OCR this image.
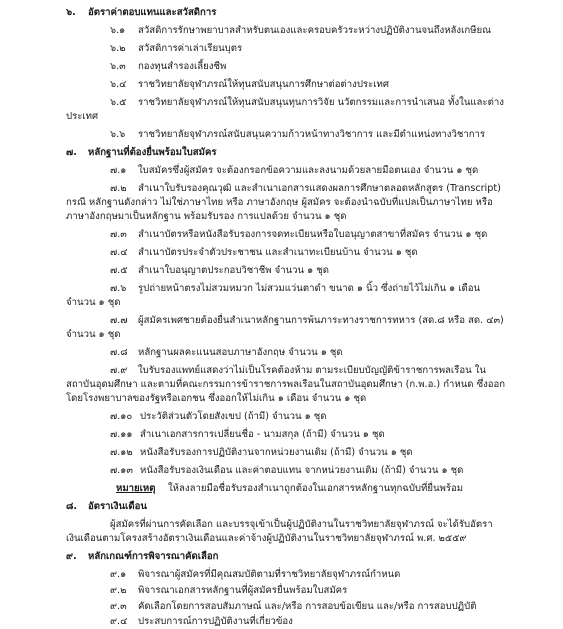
๖. อัตราค่าตอบแทนและสวัสดิการ
๖.๑ สวัสดิการรักษาพยาบาลสำหรับตนเองและครอบครัวระหว่างปฏิบัติงานจนถึงหลังเกษียณ
๖.๒ สวัสดิการค่าเล่าเรียนบุตร
๖.๓ กองทุนสำรองเลี้ยงชีพ
๖.๔ ราชวิทยาลัยจุฬาภรณ์ให้ทุนสนับสนุนการศึกษาต่อต่างประเทศ
๖.๕ ราชวิทยาลัยจุฬาภรณ์ให้ทุนสนับสนุนทุนการวิจัย นวัตกรรมและการนำเสนอ ทั้งในและต่าง
ประเทศ
๖.๖ ราชวิทยาลัยจุฬาภรณ์สนับสนุนความก้าวหน้าทางวิชาการ และมีตำแหน่งทางวิชาการ
๗. หลักฐานที่ต้องยื่นพร้อมใบสมัคร
๗.๑ ใบสมัครซึ่งผู้สมัคร จะต้องกรอกข้อความและลงนามด้วยลายมือตนเอง จำนวน ๑ ชุด
๗.๒ สำเนาใบรับรองคุณวุฒิ และสำเนาเอกสารแสดงผลการศึกษาตลอดหลักสูตร (Transcript)
กรณี หลักฐานดังกล่าว ไม่ใช่ภาษาไทย หรือ ภาษาอังกฤษ ผู้สมัคร จะต้องนำฉบับที่แปลเป็นภาษาไทย หรือ
ภาษาอังกฤษมาเป็นหลักฐาน พร้อมรับรอง การแปลด้วย จำนวน ๑ ชุด
๗.๓ สำเนาบัตรหรือหนังสือรับรองการจดทะเบียนหรือใบอนุญาตสาขาที่สมัคร จำนวน ๑ ชุด
๗.๔ สำเนาบัตรประจำตัวประชาชน และสำเนาทะเบียนบ้าน จำนวน ๑ ชุด
๗.๕ สำเนาใบอนุญาตประกอบวิชาชีพ จำนวน ๑ ชุด
๗.๖ รูปถ่ายหน้าตรงไม่สวมหมวก ไม่สวมแว่นตาดำ ขนาด ๑ นิ้ว ซึ่งถ่ายไว้ไม่เกิน ๑ เดือน
จำนวน ๑ ชุด
๗.๗ ผู้สมัครเพศชายต้องยื่นสำเนาหลักฐานการพ้นภาระทางราชการทหาร (สด.๘ หรือ สด. ๔๓)
จำนวน ๑ ชุด
๗.๘ หลักฐานผลคะแนนสอบภาษาอังกฤษ จำนวน ๑ ชุด
๗.๙ ใบรับรองแพทย์แสดงว่าไม่เป็นโรคต้องห้าม ตามระเบียบบัญญัติข้าราชการพลเรือน ใน
สถาบันอุดมศึกษา และตามที่คณะกรรมการข้าราชการพลเรือนในสถาบันอุดมศึกษา (ก.พ.อ.) กำหนด ซึ่งออก
โดยโรงพยาบาลของรัฐหรือเอกชน ซึ่งออกให้ไม่เกิน ๑ เดือน จำนวน ๑ ชุด
๗.๑๐ ประวัติส่วนตัวโดยสังเขป (ถ้ามี) จำนวน ๑ ชุด
๗.๑๑ สำเนาเอกสารการเปลี่ยนชื่อ - นามสกุล (ถ้ามี) จำนวน ๑ ชุด
๗.๑๒ หนังสือรับรองการปฏิบัติงานจากหน่วยงานเดิม (ถ้ามี) จำนวน ๑ ชุด
๗.๑๓ หนังสือรับรองเงินเดือน และค่าตอบแทน จากหน่วยงานเดิม (ถ้ามี) จำนวน ๑ ชุด
หมายเหตุ ให้ลงลายมือชื่อรับรองสำเนาถูกต้องในเอกสารหลักฐานทุกฉบับที่ยื่นพร้อม
๘. อัตราเงินเดือน
ผู้สมัครที่ผ่านการคัดเลือก และบรรจุเข้าเป็นผู้ปฏิบัติงานในราชวิทยาลัยจุฬาภรณ์ จะได้รับอัตรา
เงินเดือนตามโครงสร้างอัตราเงินเดือนและค่าจ้างผู้ปฏิบัติงานในราชวิทยาลัยจุฬาภรณ์ พ.ศ. ๒๕๕๙
๙. หลักเกณฑ์การพิจารณาคัดเลือก
๙.๑ พิจารณาผู้สมัครที่มีคุณสมบัติตามที่ราชวิทยาลัยจุฬาภรณ์กำหนด
๙.๒ พิจารณาเอกสารหลักฐานที่ผู้สมัครยื่นพร้อมใบสมัคร
๙.๓ คัดเลือกโดยการสอบสัมภาษณ์ และ/หรือ การสอบข้อเขียน และ/หรือ การสอบปฏิบัติ
๙.๔ ประสบการณ์การปฏิบัติงานที่เกี่ยวข้อง
